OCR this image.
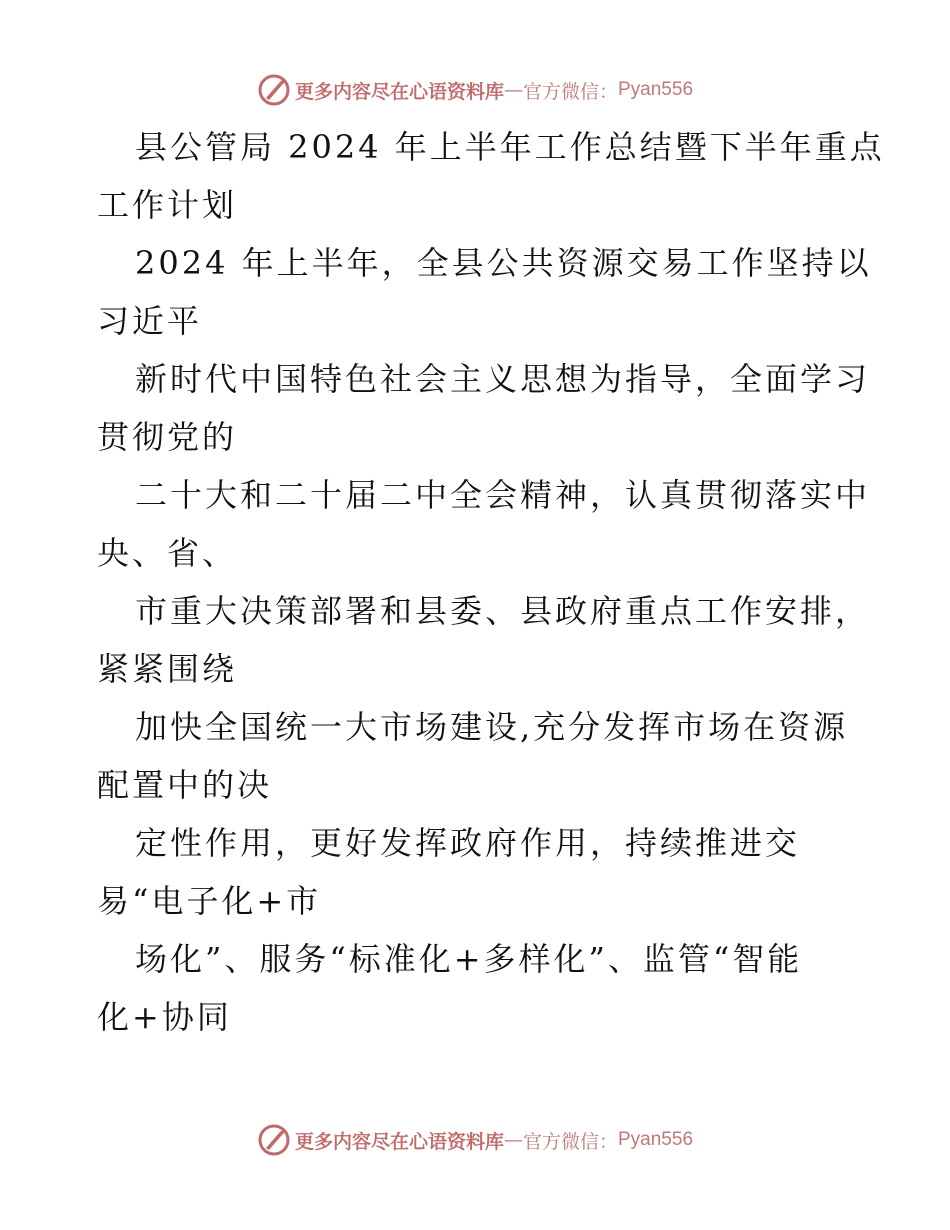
更多内容尽在心语资料库 — 官方微信： Pyan556
县公管局 2024 年上半年工作总结暨下半年重点
工作计划
2024 年上半年，全县公共资源交易工作坚持以
习近平
新时代中国特色社会主义思想为指导，全面学习
贯彻党的
二十大和二十届二中全会精神，认真贯彻落实中
央、省、
市重大决策部署和县委、县政府重点工作安排，
紧紧围绕
加快全国统一大市场建设,充分发挥市场在资源
配置中的决
定性作用，更好发挥政府作用，持续推进交
易“电子化+市
场化”、服务“标准化+多样化”、监管“智能
化+协同
更多内容尽在心语资料库 — 官方微信： Pyan556
